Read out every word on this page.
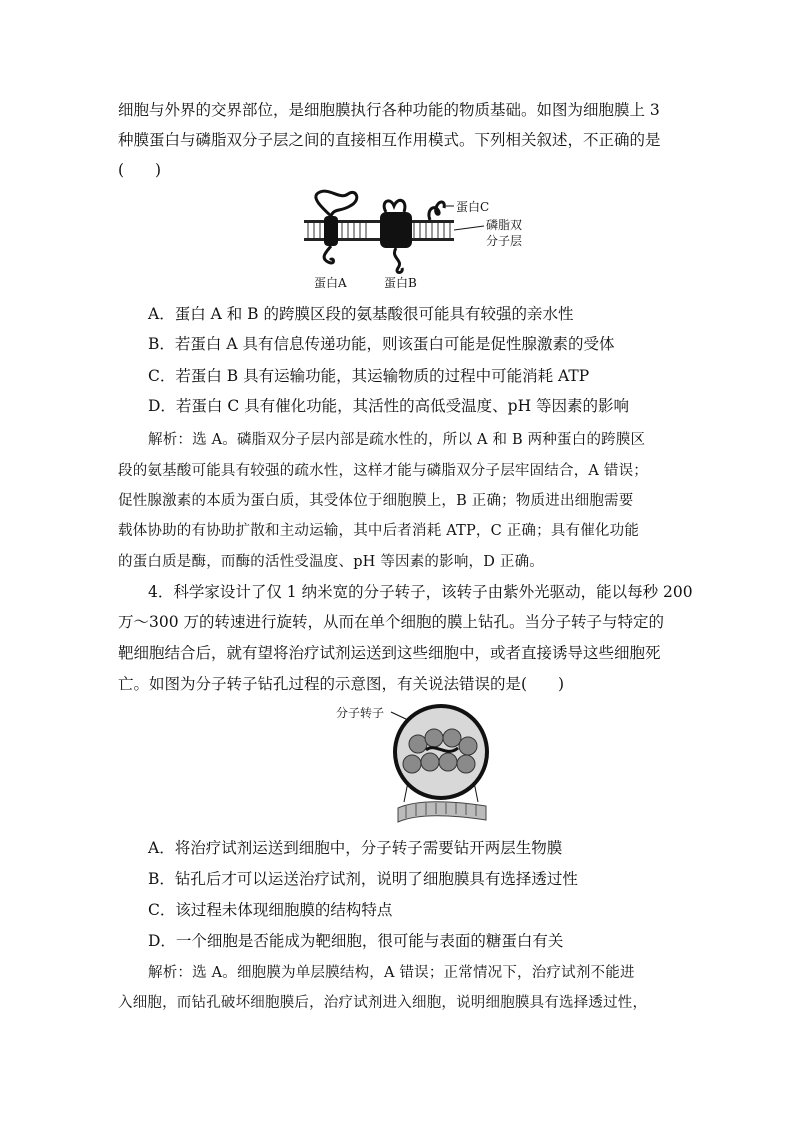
细胞与外界的交界部位，是细胞膜执行各种功能的物质基础。如图为细胞膜上 3
种膜蛋白与磷脂双分子层之间的直接相互作用模式。下列相关叙述，不正确的是
(　　)
蛋白C
磷脂双
分子层
蛋白A	蛋白B
A．蛋白 A 和 B 的跨膜区段的氨基酸很可能具有较强的亲水性
B．若蛋白 A 具有信息传递功能，则该蛋白可能是促性腺激素的受体
C．若蛋白 B 具有运输功能，其运输物质的过程中可能消耗 ATP
D．若蛋白 C 具有催化功能，其活性的高低受温度、pH 等因素的影响
解析：选 A。磷脂双分子层内部是疏水性的，所以 A 和 B 两种蛋白的跨膜区
段的氨基酸可能具有较强的疏水性，这样才能与磷脂双分子层牢固结合，A 错误；
促性腺激素的本质为蛋白质，其受体位于细胞膜上，B 正确；物质进出细胞需要
载体协助的有协助扩散和主动运输，其中后者消耗 ATP，C 正确；具有催化功能
的蛋白质是酶，而酶的活性受温度、pH 等因素的影响，D 正确。
4．科学家设计了仅 1 纳米宽的分子转子，该转子由紫外光驱动，能以每秒 200
万～300 万的转速进行旋转，从而在单个细胞的膜上钻孔。当分子转子与特定的
靶细胞结合后，就有望将治疗试剂运送到这些细胞中，或者直接诱导这些细胞死
亡。如图为分子转子钻孔过程的示意图，有关说法错误的是(　　)
分子转子
A．将治疗试剂运送到细胞中，分子转子需要钻开两层生物膜
B．钻孔后才可以运送治疗试剂，说明了细胞膜具有选择透过性
C．该过程未体现细胞膜的结构特点
D．一个细胞是否能成为靶细胞，很可能与表面的糖蛋白有关
解析：选 A。细胞膜为单层膜结构，A 错误；正常情况下，治疗试剂不能进
入细胞，而钻孔破坏细胞膜后，治疗试剂进入细胞，说明细胞膜具有选择透过性，
